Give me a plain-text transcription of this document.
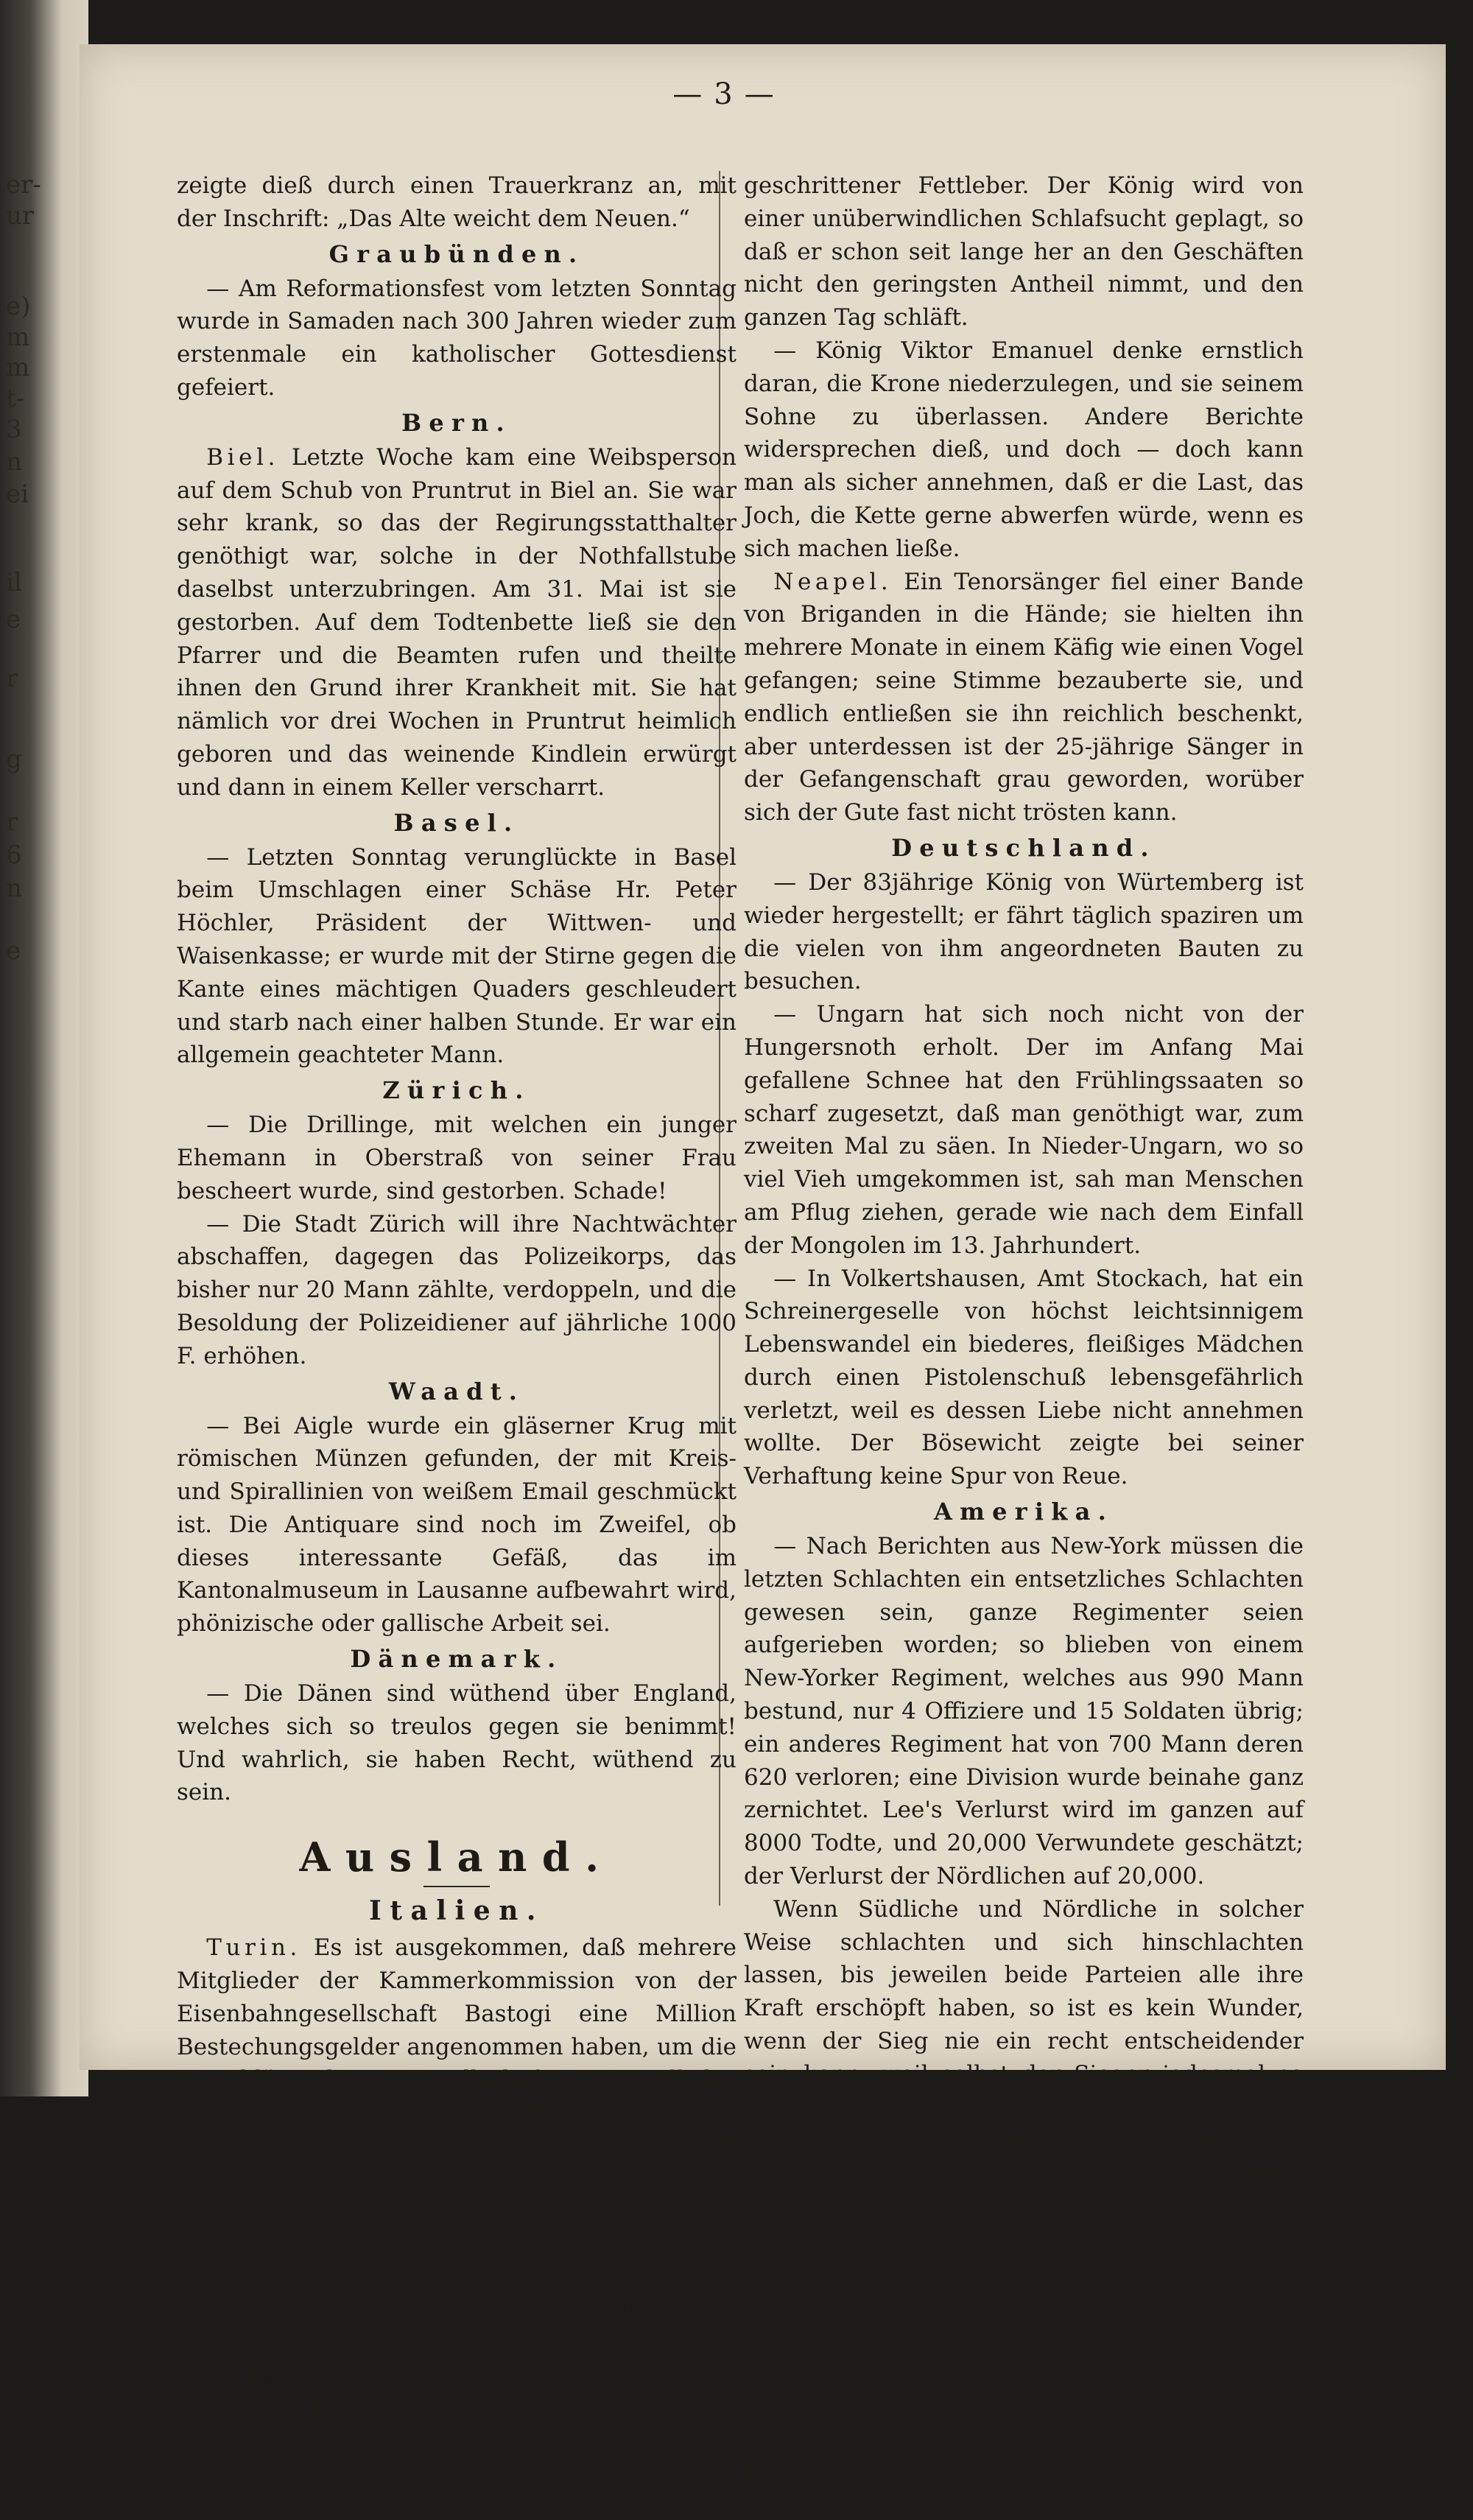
er-
ur
e)
m
m
t-
3
n
ei
il
e
r
g
r
6
n
e
— 3 —

zeigte dieß durch einen Trauerkranz an, mit der Inschrift: „Das Alte weicht dem Neuen.“

Graubünden.

— Am Reformationsfest vom letzten Sonntag wurde in Samaden nach 300 Jahren wieder zum erstenmale ein katholischer Gottesdienst gefeiert.

Bern.

Biel. Letzte Woche kam eine Weibsperson auf dem Schub von Pruntrut in Biel an. Sie war sehr krank, so das der Regirungsstatthalter genöthigt war, solche in der Nothfallstube daselbst unterzubringen. Am 31. Mai ist sie gestorben. Auf dem Todtenbette ließ sie den Pfarrer und die Beamten rufen und theilte ihnen den Grund ihrer Krankheit mit. Sie hat nämlich vor drei Wochen in Pruntrut heimlich geboren und das weinende Kindlein erwürgt und dann in einem Keller verscharrt.

Basel.

— Letzten Sonntag verunglückte in Basel beim Umschlagen einer Schäse Hr. Peter Höchler, Präsident der Wittwen- und Waisenkasse; er wurde mit der Stirne gegen die Kante eines mächtigen Quaders geschleudert und starb nach einer halben Stunde. Er war ein allgemein geachteter Mann.

Zürich.

— Die Drillinge, mit welchen ein junger Ehemann in Oberstraß von seiner Frau bescheert wurde, sind gestorben. Schade!

— Die Stadt Zürich will ihre Nachtwächter abschaffen, dagegen das Polizeikorps, das bisher nur 20 Mann zählte, verdoppeln, und die Besoldung der Polizeidiener auf jährliche 1000 F. erhöhen.

Waadt.

— Bei Aigle wurde ein gläserner Krug mit römischen Münzen gefunden, der mit Kreis- und Spirallinien von weißem Email geschmückt ist. Die Antiquare sind noch im Zweifel, ob dieses interessante Gefäß, das im Kantonalmuseum in Lausanne aufbewahrt wird, phönizische oder gallische Arbeit sei.

Dänemark.

— Die Dänen sind wüthend über England, welches sich so treulos gegen sie benimmt! Und wahrlich, sie haben Recht, wüthend zu sein.

Ausland.
Italien.

Turin. Es ist ausgekommen, daß mehrere Mitglieder der Kammerkommission von der Eisenbahngesellschaft Bastogi eine Million Bestechungsgelder angenommen haben, um die Vorschläge dieser Gesellschaft in Betreff des Eisenbahnbaues im Süden zu empfehlen — entgegen den Vorschlägen der Gesellschaft Rothschild-Talbot. Die betreffenden Kammermitglieder hatten in ihrem Berichte für Ertheilung der Konzession an Rothschild-Talbot sehr gut Bericht erstattet, nachdem sie aber die Million empfangen, berichteten sie flugs noch viel besser für Bastogi, und dieser gewann das Spiel. Eine Untersuchung ist eingeleitet.

Turin. Nach Aussprache der Aerzte leidet der König an Verdickung des Blutes und an bereits fort-

geschrittener Fettleber. Der König wird von einer unüberwindlichen Schlafsucht geplagt, so daß er schon seit lange her an den Geschäften nicht den geringsten Antheil nimmt, und den ganzen Tag schläft.

— König Viktor Emanuel denke ernstlich daran, die Krone niederzulegen, und sie seinem Sohne zu überlassen. Andere Berichte widersprechen dieß, und doch — doch kann man als sicher annehmen, daß er die Last, das Joch, die Kette gerne abwerfen würde, wenn es sich machen ließe.

Neapel. Ein Tenorsänger fiel einer Bande von Briganden in die Hände; sie hielten ihn mehrere Monate in einem Käfig wie einen Vogel gefangen; seine Stimme bezauberte sie, und endlich entließen sie ihn reichlich beschenkt, aber unterdessen ist der 25-jährige Sänger in der Gefangenschaft grau geworden, worüber sich der Gute fast nicht trösten kann.

Deutschland.

— Der 83jährige König von Würtemberg ist wieder hergestellt; er fährt täglich spaziren um die vielen von ihm angeordneten Bauten zu besuchen.

— Ungarn hat sich noch nicht von der Hungersnoth erholt. Der im Anfang Mai gefallene Schnee hat den Frühlingssaaten so scharf zugesetzt, daß man genöthigt war, zum zweiten Mal zu säen. In Nieder-Ungarn, wo so viel Vieh umgekommen ist, sah man Menschen am Pflug ziehen, gerade wie nach dem Einfall der Mongolen im 13. Jahrhundert.

— In Volkertshausen, Amt Stockach, hat ein Schreinergeselle von höchst leichtsinnigem Lebenswandel ein biederes, fleißiges Mädchen durch einen Pistolenschuß lebensgefährlich verletzt, weil es dessen Liebe nicht annehmen wollte. Der Bösewicht zeigte bei seiner Verhaftung keine Spur von Reue.

Amerika.

— Nach Berichten aus New-York müssen die letzten Schlachten ein entsetzliches Schlachten gewesen sein, ganze Regimenter seien aufgerieben worden; so blieben von einem New-Yorker Regiment, welches aus 990 Mann bestund, nur 4 Offiziere und 15 Soldaten übrig; ein anderes Regiment hat von 700 Mann deren 620 verloren; eine Division wurde beinahe ganz zernichtet. Lee's Verlurst wird im ganzen auf 8000 Todte, und 20,000 Verwundete geschätzt; der Verlurst der Nördlichen auf 20,000.

Wenn Südliche und Nördliche in solcher Weise schlachten und sich hinschlachten lassen, bis jeweilen beide Parteien alle ihre Kraft erschöpft haben, so ist es kein Wunder, wenn der Sieg nie ein recht entscheidender sein kann, weil selbst der Sieger jedesmal so erschöpft ist wie der der Besiegte, folglich den Gegner nicht verfolgen und den Sieg nicht benutzen kann. In solcher Weise ist die Freude und Hoffnung des Mormonenhäuptlings am Salzsee begreiflich.

Von der großen Zahl der Soldaten aber, die als verwundet in die Spitäler kommen, dürfe man kaum den Drittel als wirklich Verwundete rechnen; viele der verwundet sein Wollenden hätten höchstens eine leichte Schramme, meistens aber nicht einmal die leichteste Ritze. Diese werden dann gefangen zur Armee zurück geschickt. So schreibt man aus New-York.
